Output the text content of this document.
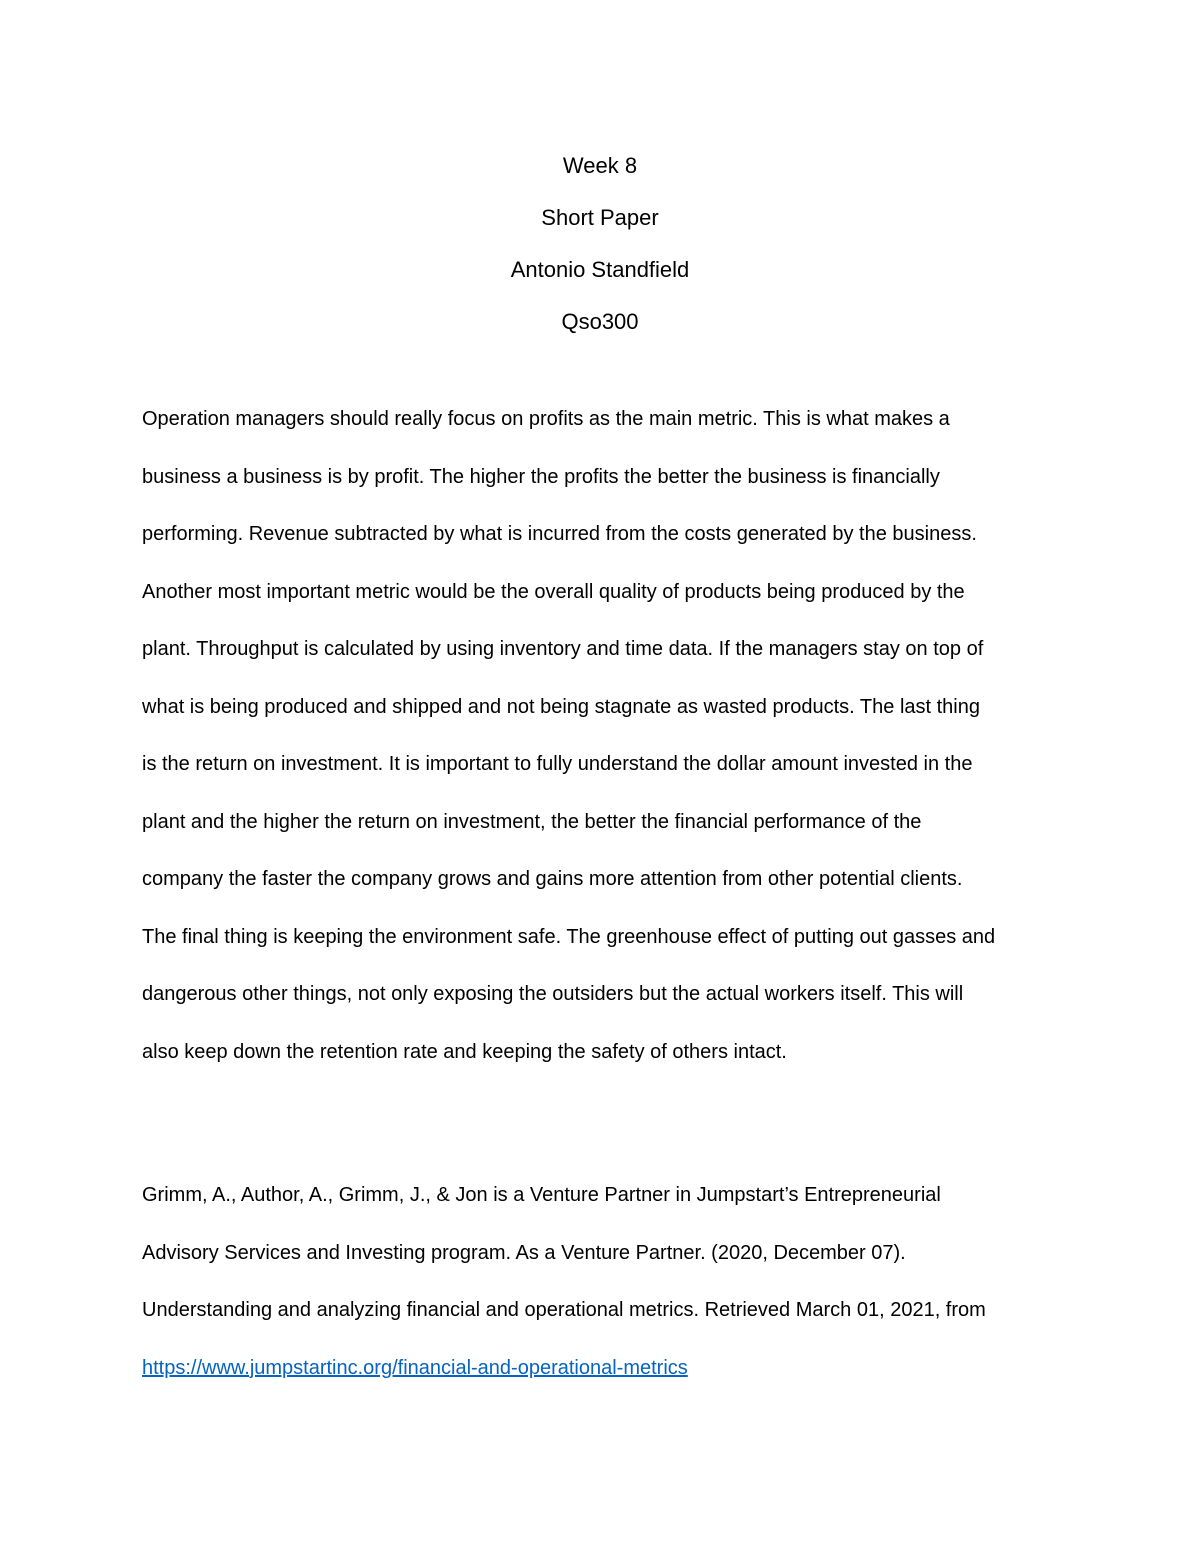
Week 8
Short Paper
Antonio Standfield
Qso300
Operation managers should really focus on profits as the main metric. This is what makes a
business a business is by profit. The higher the profits the better the business is financially
performing. Revenue subtracted by what is incurred from the costs generated by the business.
Another most important metric would be the overall quality of products being produced by the
plant. Throughput is calculated by using inventory and time data. If the managers stay on top of
what is being produced and shipped and not being stagnate as wasted products. The last thing
is the return on investment. It is important to fully understand the dollar amount invested in the
plant and the higher the return on investment, the better the financial performance of the
company the faster the company grows and gains more attention from other potential clients.
The final thing is keeping the environment safe. The greenhouse effect of putting out gasses and
dangerous other things, not only exposing the outsiders but the actual workers itself. This will
also keep down the retention rate and keeping the safety of others intact.
Grimm, A., Author, A., Grimm, J., & Jon is a Venture Partner in Jumpstart’s Entrepreneurial
Advisory Services and Investing program. As a Venture Partner. (2020, December 07).
Understanding and analyzing financial and operational metrics. Retrieved March 01, 2021, from
https://www.jumpstartinc.org/financial-and-operational-metrics
